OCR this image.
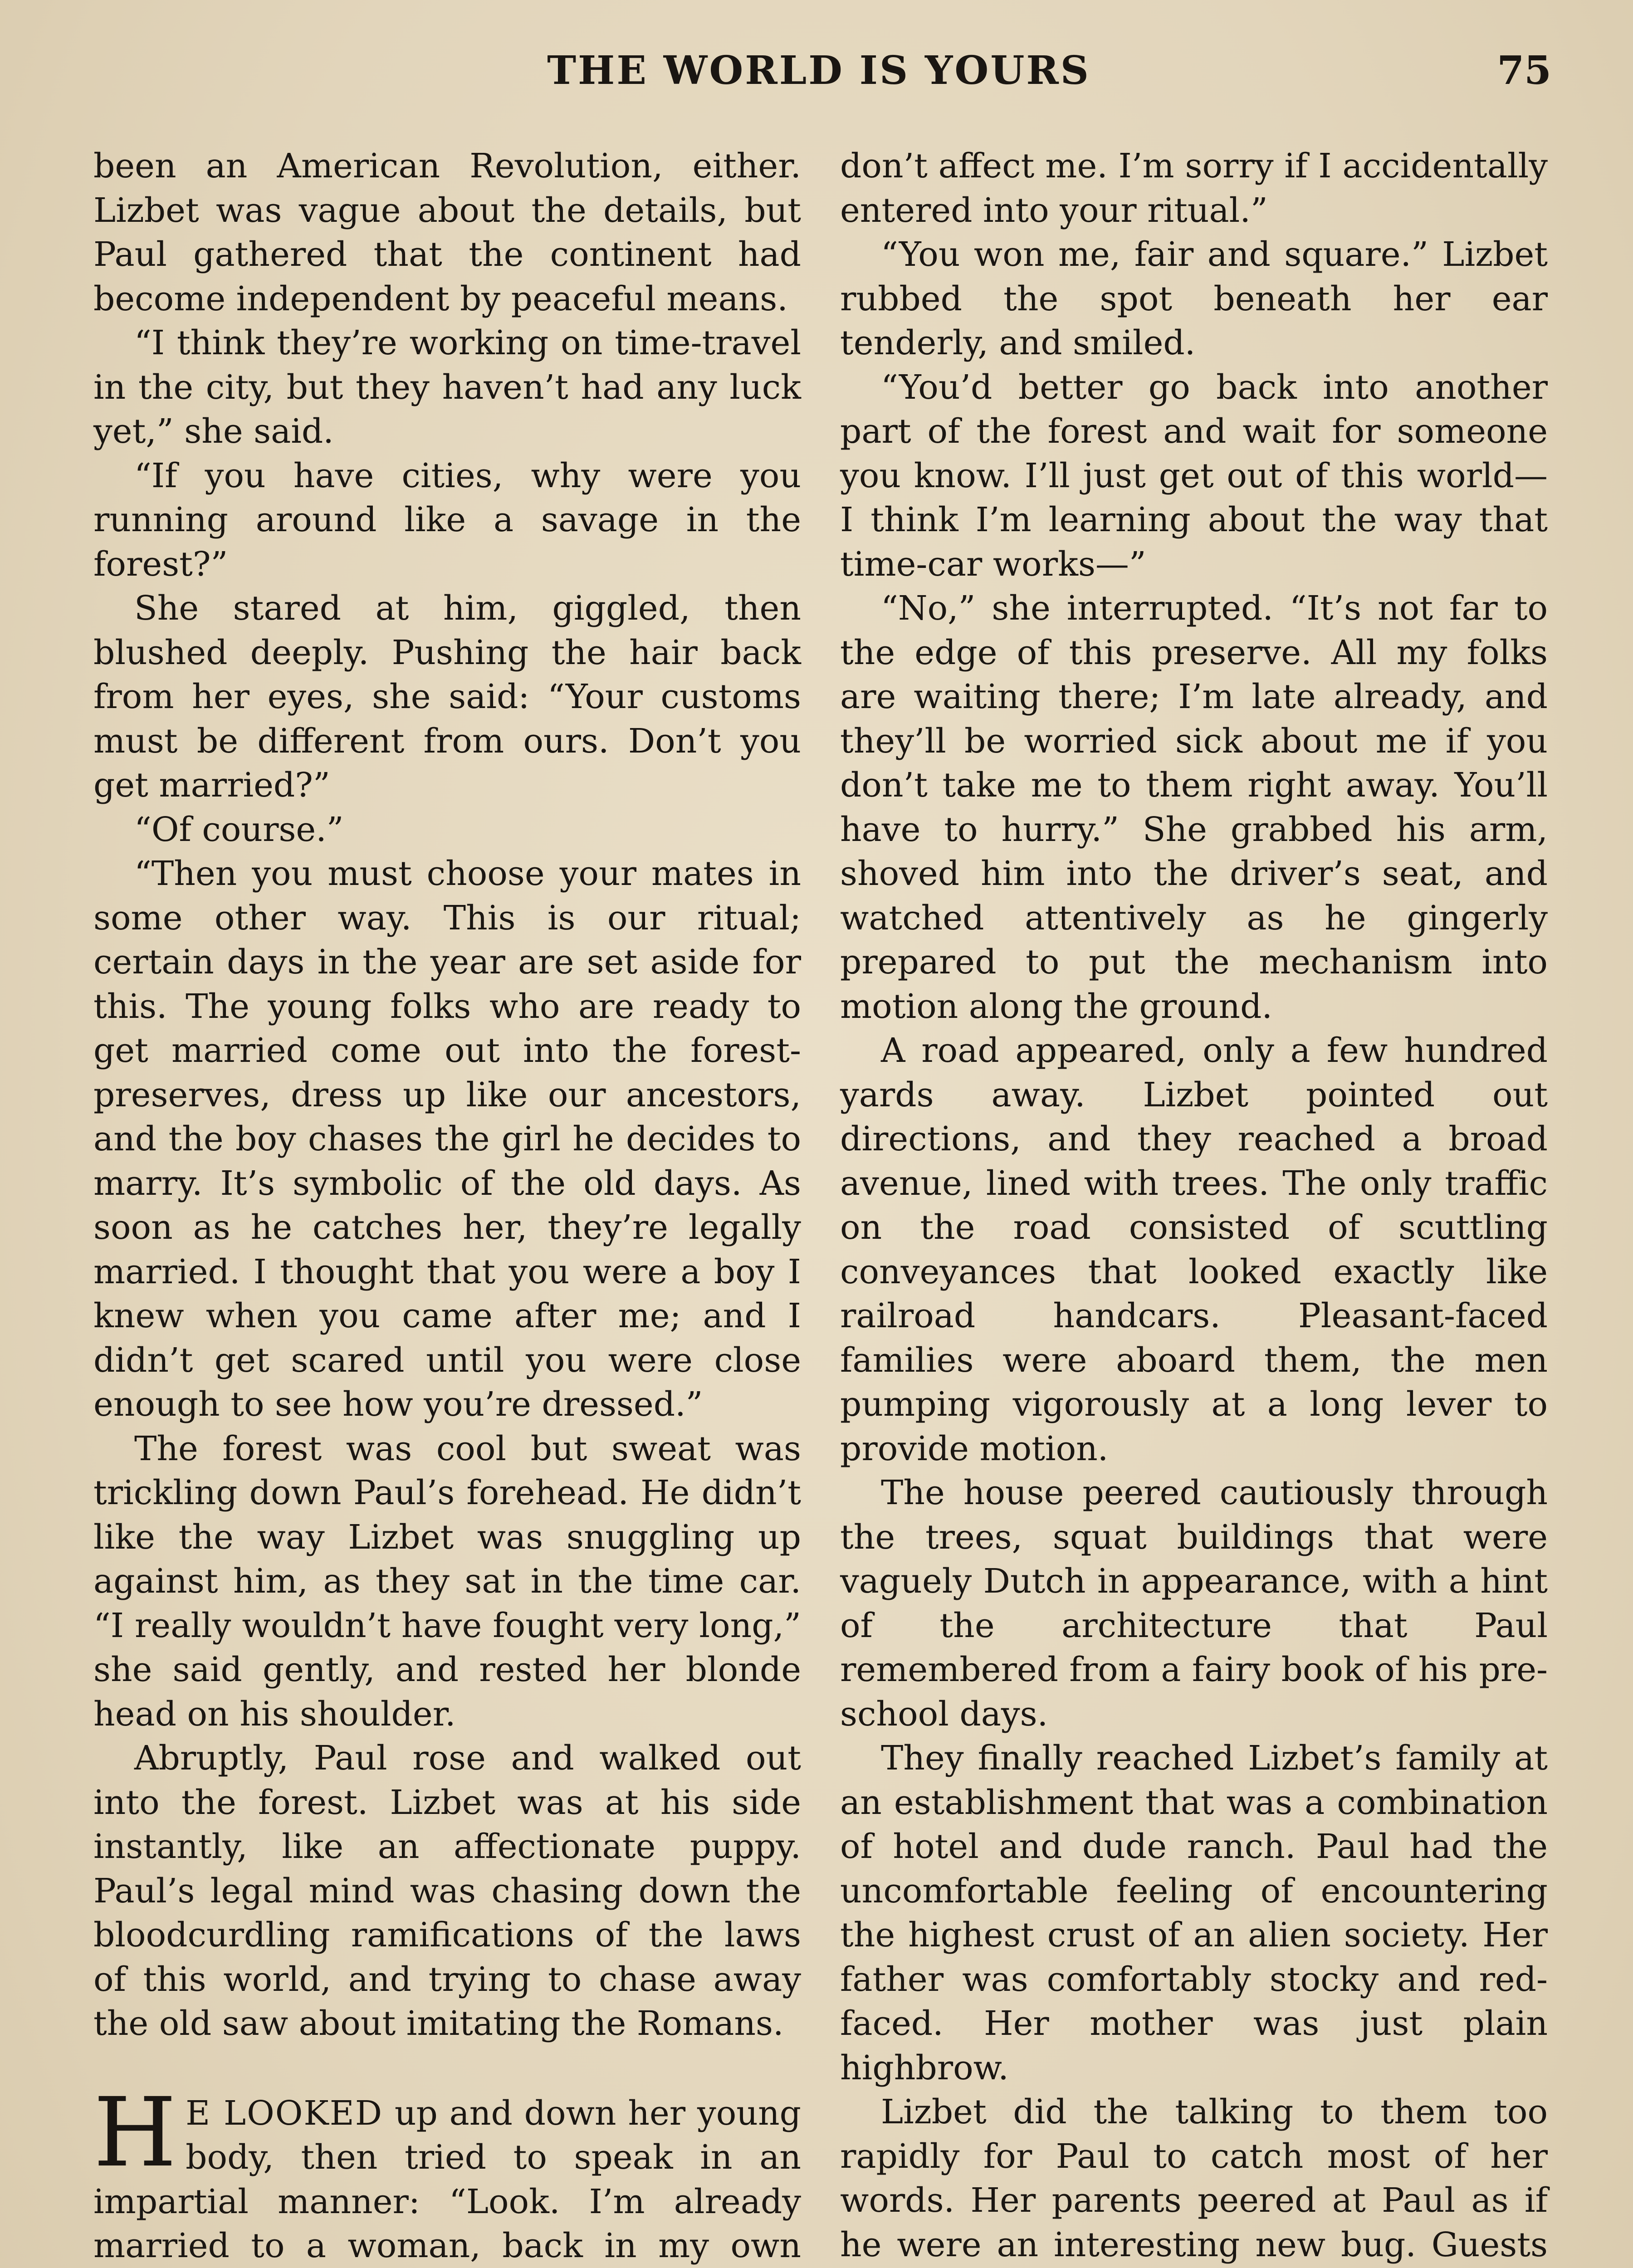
THE WORLD IS YOURS	75

been an American Revolution, either. Lizbet was vague about the details, but Paul gathered that the continent had become independent by peaceful means.

“I think they’re working on time-travel in the city, but they haven’t had any luck yet,” she said.

“If you have cities, why were you running around like a savage in the forest?”

She stared at him, giggled, then blushed deeply. Pushing the hair back from her eyes, she said: “Your customs must be different from ours. Don’t you get married?”

“Of course.”

“Then you must choose your mates in some other way. This is our ritual; certain days in the year are set aside for this. The young folks who are ready to get married come out into the forest-preserves, dress up like our ancestors, and the boy chases the girl he decides to marry. It’s symbolic of the old days. As soon as he catches her, they’re legally married. I thought that you were a boy I knew when you came after me; and I didn’t get scared until you were close enough to see how you’re dressed.”

The forest was cool but sweat was trickling down Paul’s forehead. He didn’t like the way Lizbet was snuggling up against him, as they sat in the time car. “I really wouldn’t have fought very long,” she said gently, and rested her blonde head on his shoulder.

Abruptly, Paul rose and walked out into the forest. Lizbet was at his side instantly, like an affectionate puppy. Paul’s legal mind was chasing down the bloodcurdling ramifications of the laws of this world, and trying to chase away the old saw about imitating the Romans.

H E LOOKED up and down her young body, then tried to speak in an impartial manner: “Look. I’m already married to a woman, back in my own

don’t affect me. I’m sorry if I accidentally entered into your ritual.”

“You won me, fair and square.” Lizbet rubbed the spot beneath her ear tenderly, and smiled.

“You’d better go back into another part of the forest and wait for someone you know. I’ll just get out of this world— I think I’m learning about the way that time-car works—”

“No,” she interrupted. “It’s not far to the edge of this preserve. All my folks are waiting there; I’m late already, and they’ll be worried sick about me if you don’t take me to them right away. You’ll have to hurry.” She grabbed his arm, shoved him into the driver’s seat, and watched attentively as he gingerly prepared to put the mechanism into motion along the ground.

A road appeared, only a few hundred yards away. Lizbet pointed out directions, and they reached a broad avenue, lined with trees. The only traffic on the road consisted of scuttling conveyances that looked exactly like railroad handcars. Pleasant-faced families were aboard them, the men pumping vigorously at a long lever to provide motion.

The house peered cautiously through the trees, squat buildings that were vaguely Dutch in appearance, with a hint of the architecture that Paul remembered from a fairy book of his pre-school days.

They finally reached Lizbet’s family at an establishment that was a combination of hotel and dude ranch. Paul had the uncomfortable feeling of encountering the highest crust of an alien society. Her father was comfortably stocky and red-faced. Her mother was just plain highbrow.

Lizbet did the talking to them too rapidly for Paul to catch most of her words. Her parents peered at Paul as if he were an interesting new bug. Guests
